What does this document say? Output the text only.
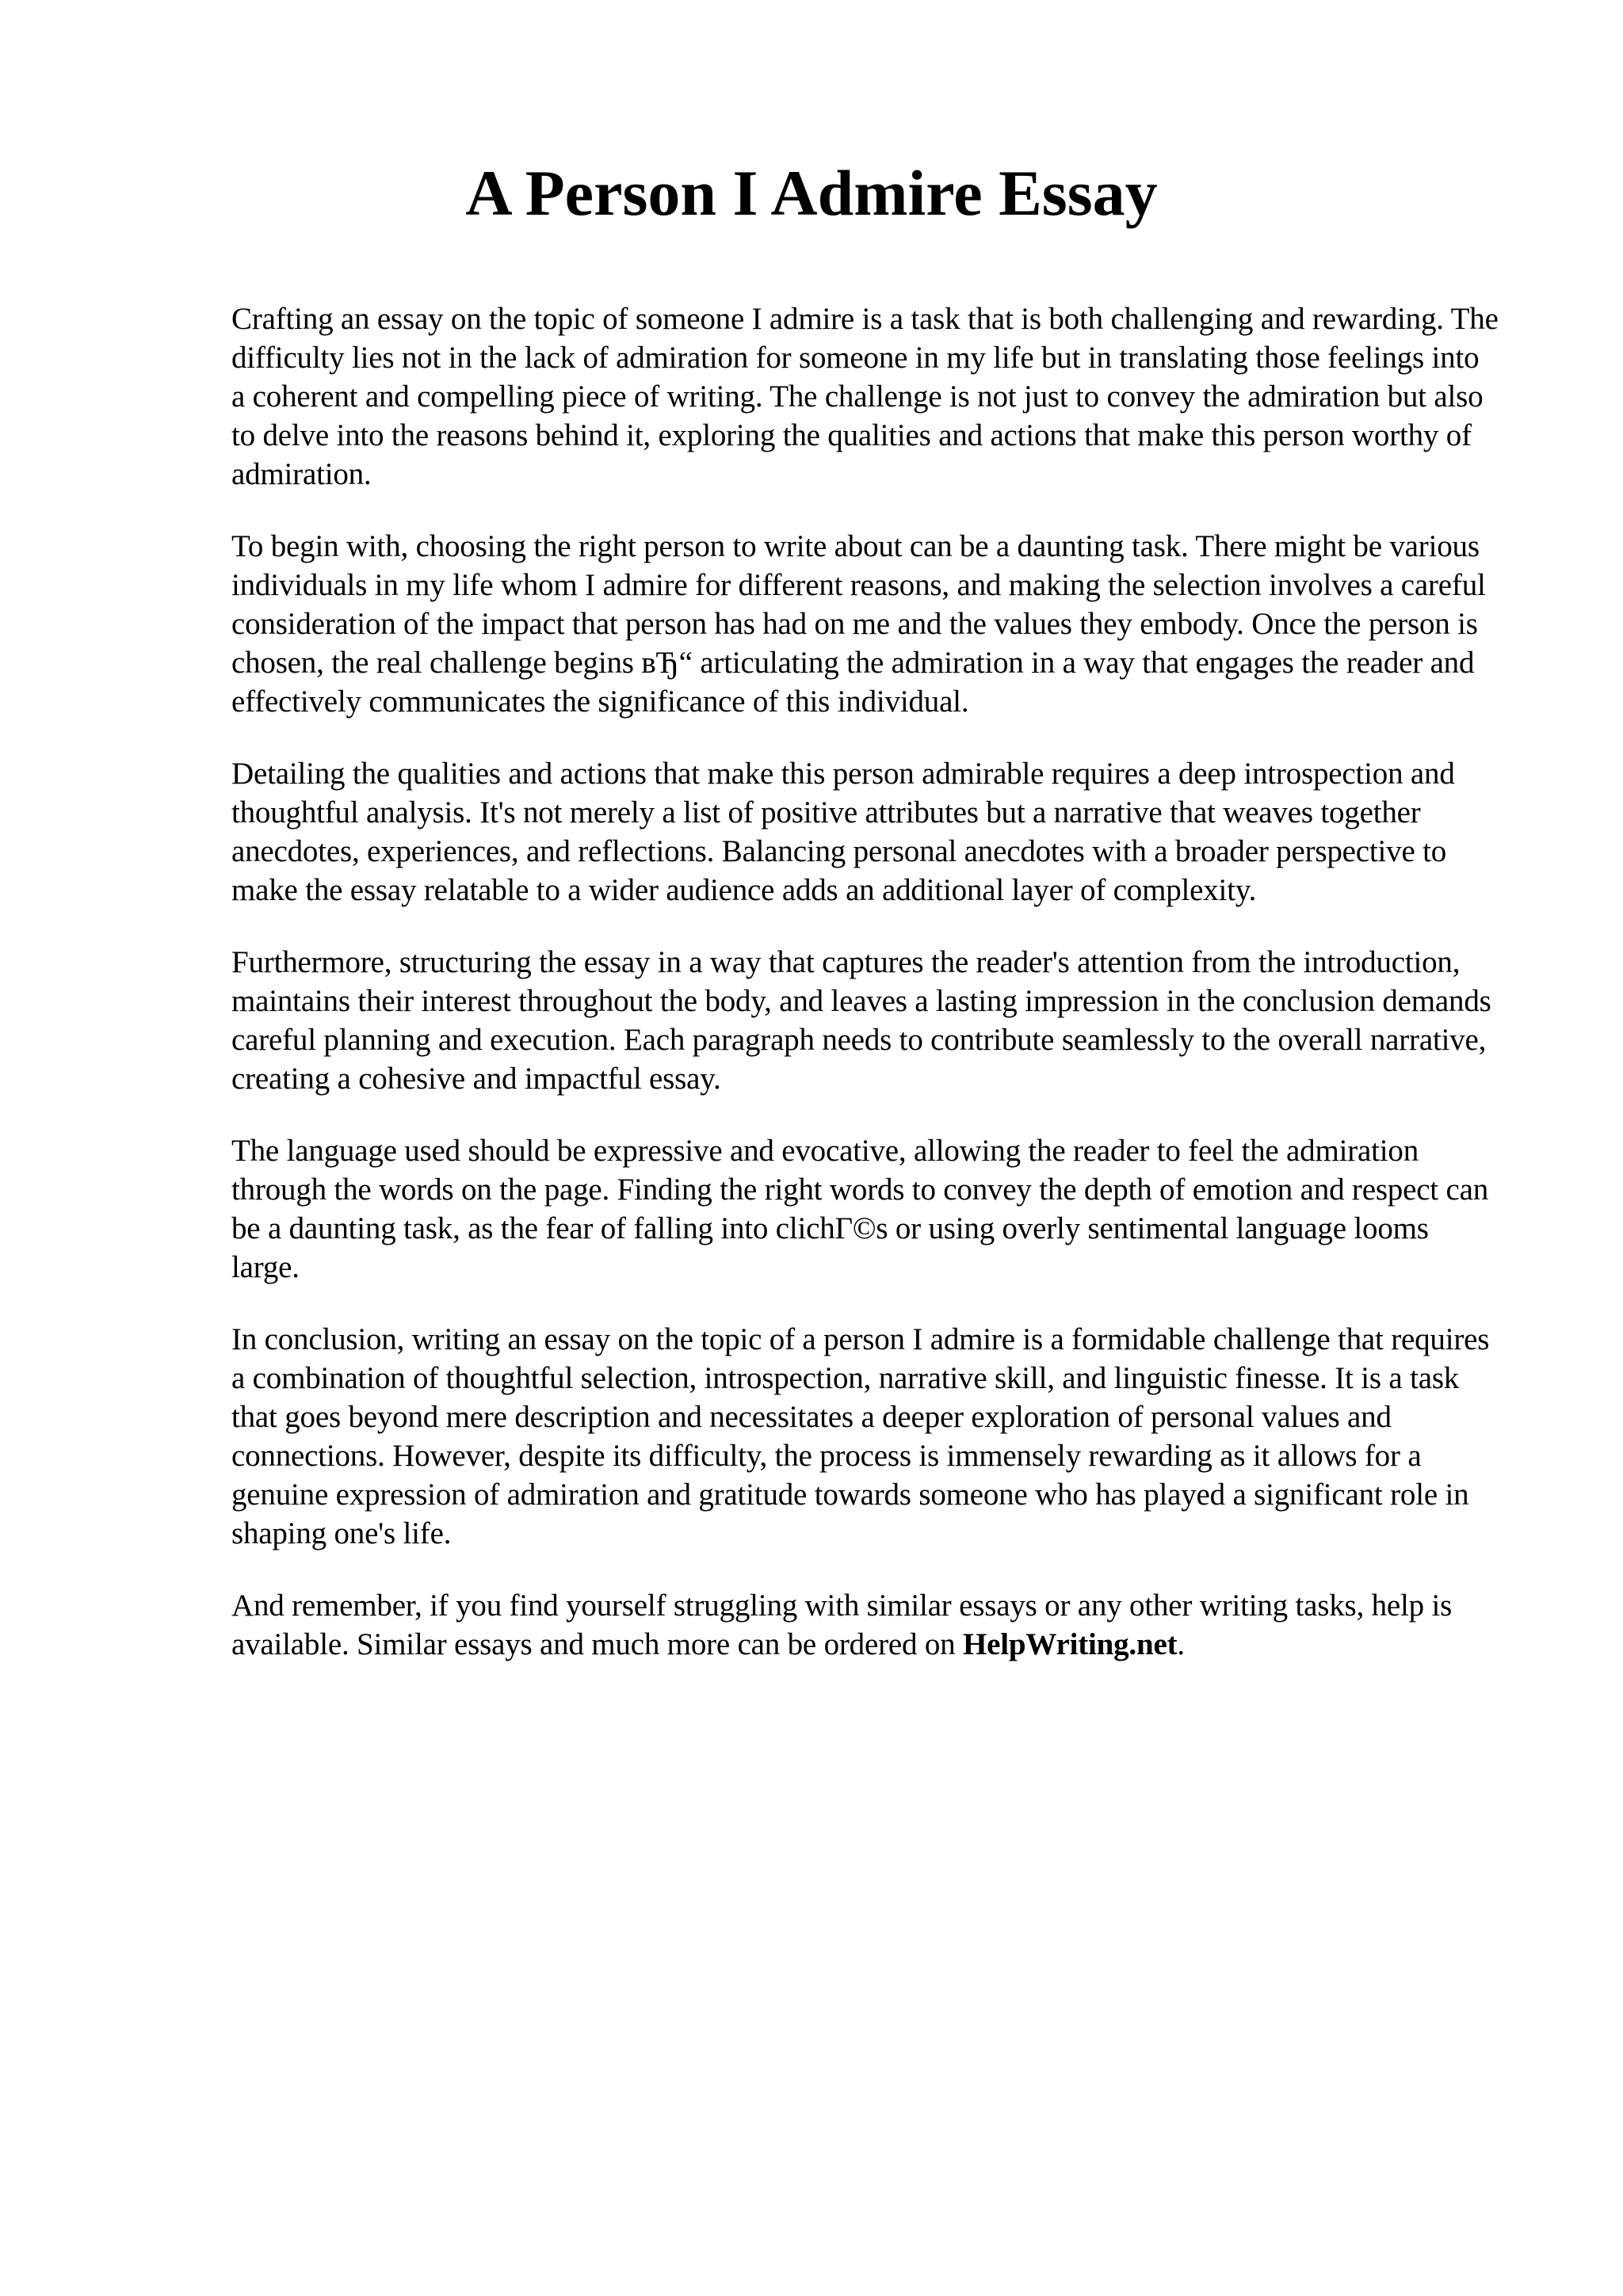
A Person I Admire Essay

Crafting an essay on the topic of someone I admire is a task that is both challenging and rewarding. The difficulty lies not in the lack of admiration for someone in my life but in translating those feelings into a coherent and compelling piece of writing. The challenge is not just to convey the admiration but also to delve into the reasons behind it, exploring the qualities and actions that make this person worthy of admiration.

To begin with, choosing the right person to write about can be a daunting task. There might be various individuals in my life whom I admire for different reasons, and making the selection involves a careful consideration of the impact that person has had on me and the values they embody. Once the person is chosen, the real challenge begins вЂ“ articulating the admiration in a way that engages the reader and effectively communicates the significance of this individual.

Detailing the qualities and actions that make this person admirable requires a deep introspection and thoughtful analysis. It's not merely a list of positive attributes but a narrative that weaves together anecdotes, experiences, and reflections. Balancing personal anecdotes with a broader perspective to make the essay relatable to a wider audience adds an additional layer of complexity.

Furthermore, structuring the essay in a way that captures the reader's attention from the introduction, maintains their interest throughout the body, and leaves a lasting impression in the conclusion demands careful planning and execution. Each paragraph needs to contribute seamlessly to the overall narrative, creating a cohesive and impactful essay.

The language used should be expressive and evocative, allowing the reader to feel the admiration through the words on the page. Finding the right words to convey the depth of emotion and respect can be a daunting task, as the fear of falling into clichГ©s or using overly sentimental language looms large.

In conclusion, writing an essay on the topic of a person I admire is a formidable challenge that requires a combination of thoughtful selection, introspection, narrative skill, and linguistic finesse. It is a task that goes beyond mere description and necessitates a deeper exploration of personal values and connections. However, despite its difficulty, the process is immensely rewarding as it allows for a genuine expression of admiration and gratitude towards someone who has played a significant role in shaping one's life.

And remember, if you find yourself struggling with similar essays or any other writing tasks, help is available. Similar essays and much more can be ordered on HelpWriting.net.
